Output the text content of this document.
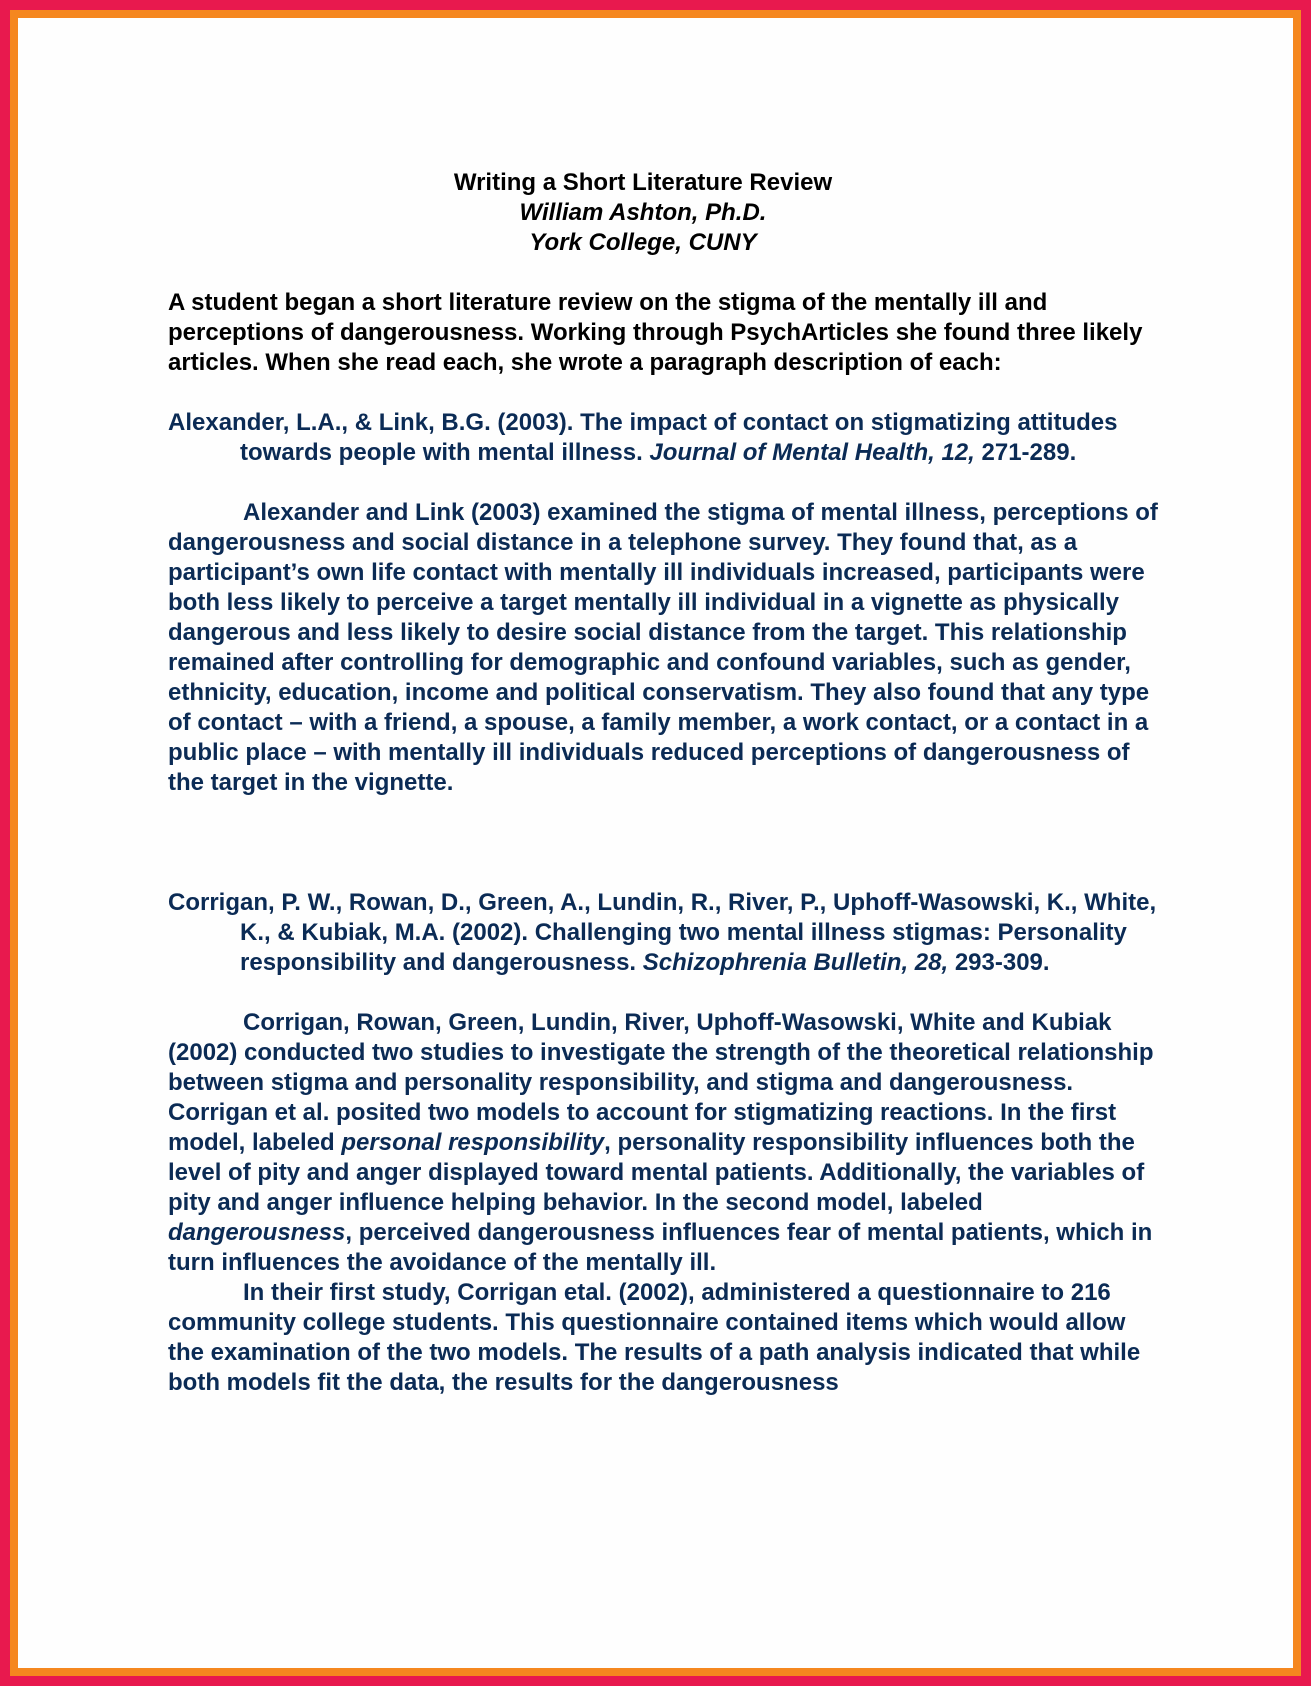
Writing a Short Literature Review
William Ashton, Ph.D.
York College, CUNY

A student began a short literature review on the stigma of the mentally ill and perceptions of dangerousness. Working through PsychArticles she found three likely articles. When she read each, she wrote a paragraph description of each:

Alexander, L.A., & Link, B.G. (2003). The impact of contact on stigmatizing attitudes towards people with mental illness. Journal of Mental Health, 12, 271-289.

Alexander and Link (2003) examined the stigma of mental illness, perceptions of dangerousness and social distance in a telephone survey. They found that, as a participant’s own life contact with mentally ill individuals increased, participants were both less likely to perceive a target mentally ill individual in a vignette as physically dangerous and less likely to desire social distance from the target. This relationship remained after controlling for demographic and confound variables, such as gender, ethnicity, education, income and political conservatism. They also found that any type of contact – with a friend, a spouse, a family member, a work contact, or a contact in a public place – with mentally ill individuals reduced perceptions of dangerousness of the target in the vignette.

Corrigan, P. W., Rowan, D., Green, A., Lundin, R., River, P., Uphoff-Wasowski, K., White, K., & Kubiak, M.A. (2002). Challenging two mental illness stigmas: Personality responsibility and dangerousness. Schizophrenia Bulletin, 28, 293-309.

Corrigan, Rowan, Green, Lundin, River, Uphoff-Wasowski, White and Kubiak (2002) conducted two studies to investigate the strength of the theoretical relationship between stigma and personality responsibility, and stigma and dangerousness. Corrigan et al. posited two models to account for stigmatizing reactions. In the first model, labeled personal responsibility, personality responsibility influences both the level of pity and anger displayed toward mental patients. Additionally, the variables of pity and anger influence helping behavior. In the second model, labeled dangerousness, perceived dangerousness influences fear of mental patients, which in turn influences the avoidance of the mentally ill.

In their first study, Corrigan etal. (2002), administered a questionnaire to 216 community college students. This questionnaire contained items which would allow the examination of the two models. The results of a path analysis indicated that while both models fit the data, the results for the dangerousness
